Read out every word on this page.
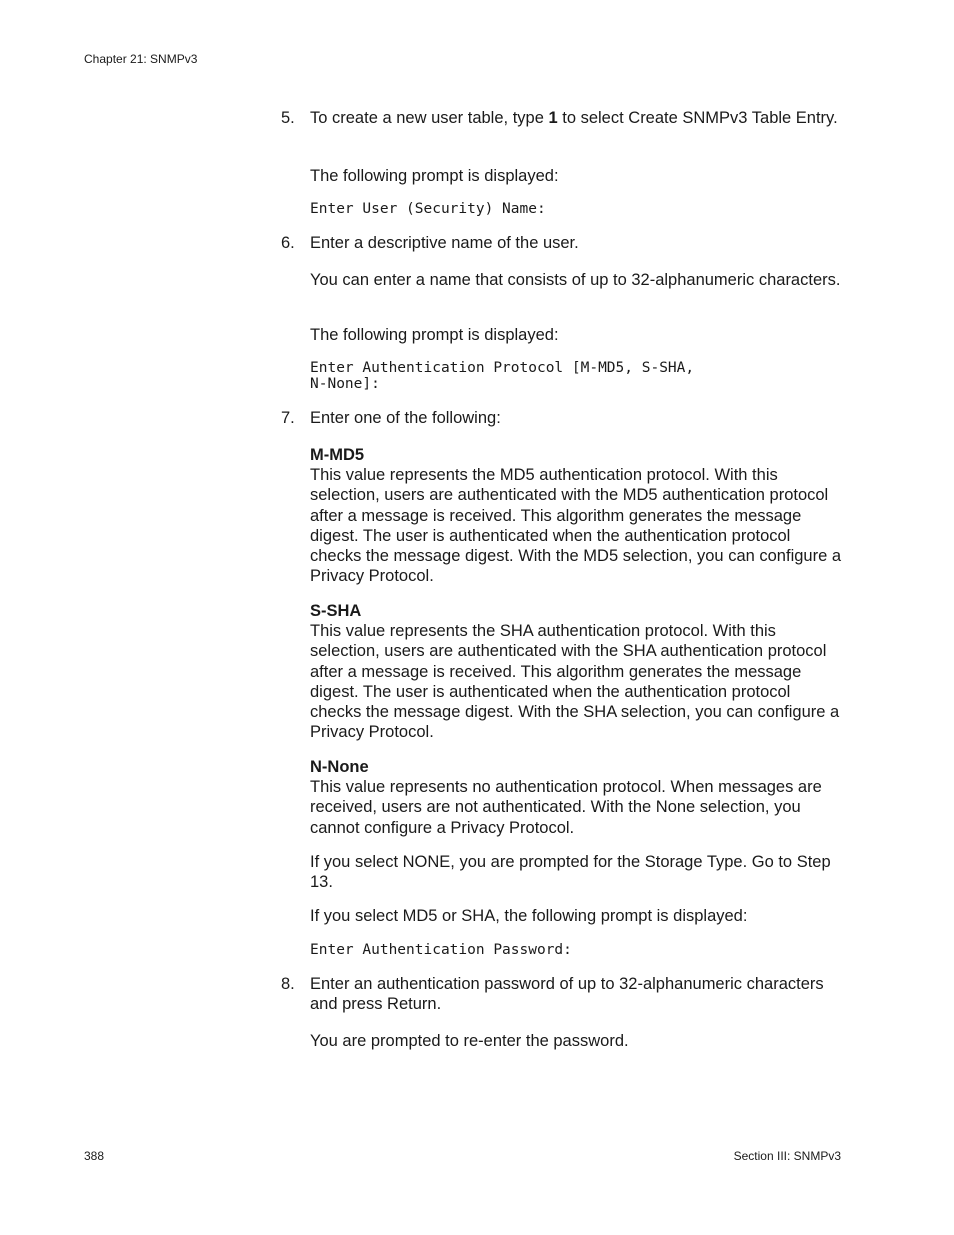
Chapter 21: SNMPv3
5. To create a new user table, type 1 to select Create SNMPv3 Table Entry.
The following prompt is displayed:
Enter User (Security) Name:
6. Enter a descriptive name of the user.
You can enter a name that consists of up to 32-alphanumeric characters.
The following prompt is displayed:
Enter Authentication Protocol [M-MD5, S-SHA,
N-None]:
7. Enter one of the following:
M-MD5
This value represents the MD5 authentication protocol. With this selection, users are authenticated with the MD5 authentication protocol after a message is received. This algorithm generates the message digest. The user is authenticated when the authentication protocol checks the message digest. With the MD5 selection, you can configure a Privacy Protocol.
S-SHA
This value represents the SHA authentication protocol. With this selection, users are authenticated with the SHA authentication protocol after a message is received. This algorithm generates the message digest. The user is authenticated when the authentication protocol checks the message digest. With the SHA selection, you can configure a Privacy Protocol.
N-None
This value represents no authentication protocol. When messages are received, users are not authenticated. With the None selection, you cannot configure a Privacy Protocol.
If you select NONE, you are prompted for the Storage Type. Go to Step 13.
If you select MD5 or SHA, the following prompt is displayed:
Enter Authentication Password:
8. Enter an authentication password of up to 32-alphanumeric characters and press Return.
You are prompted to re-enter the password.
388	Section III: SNMPv3
